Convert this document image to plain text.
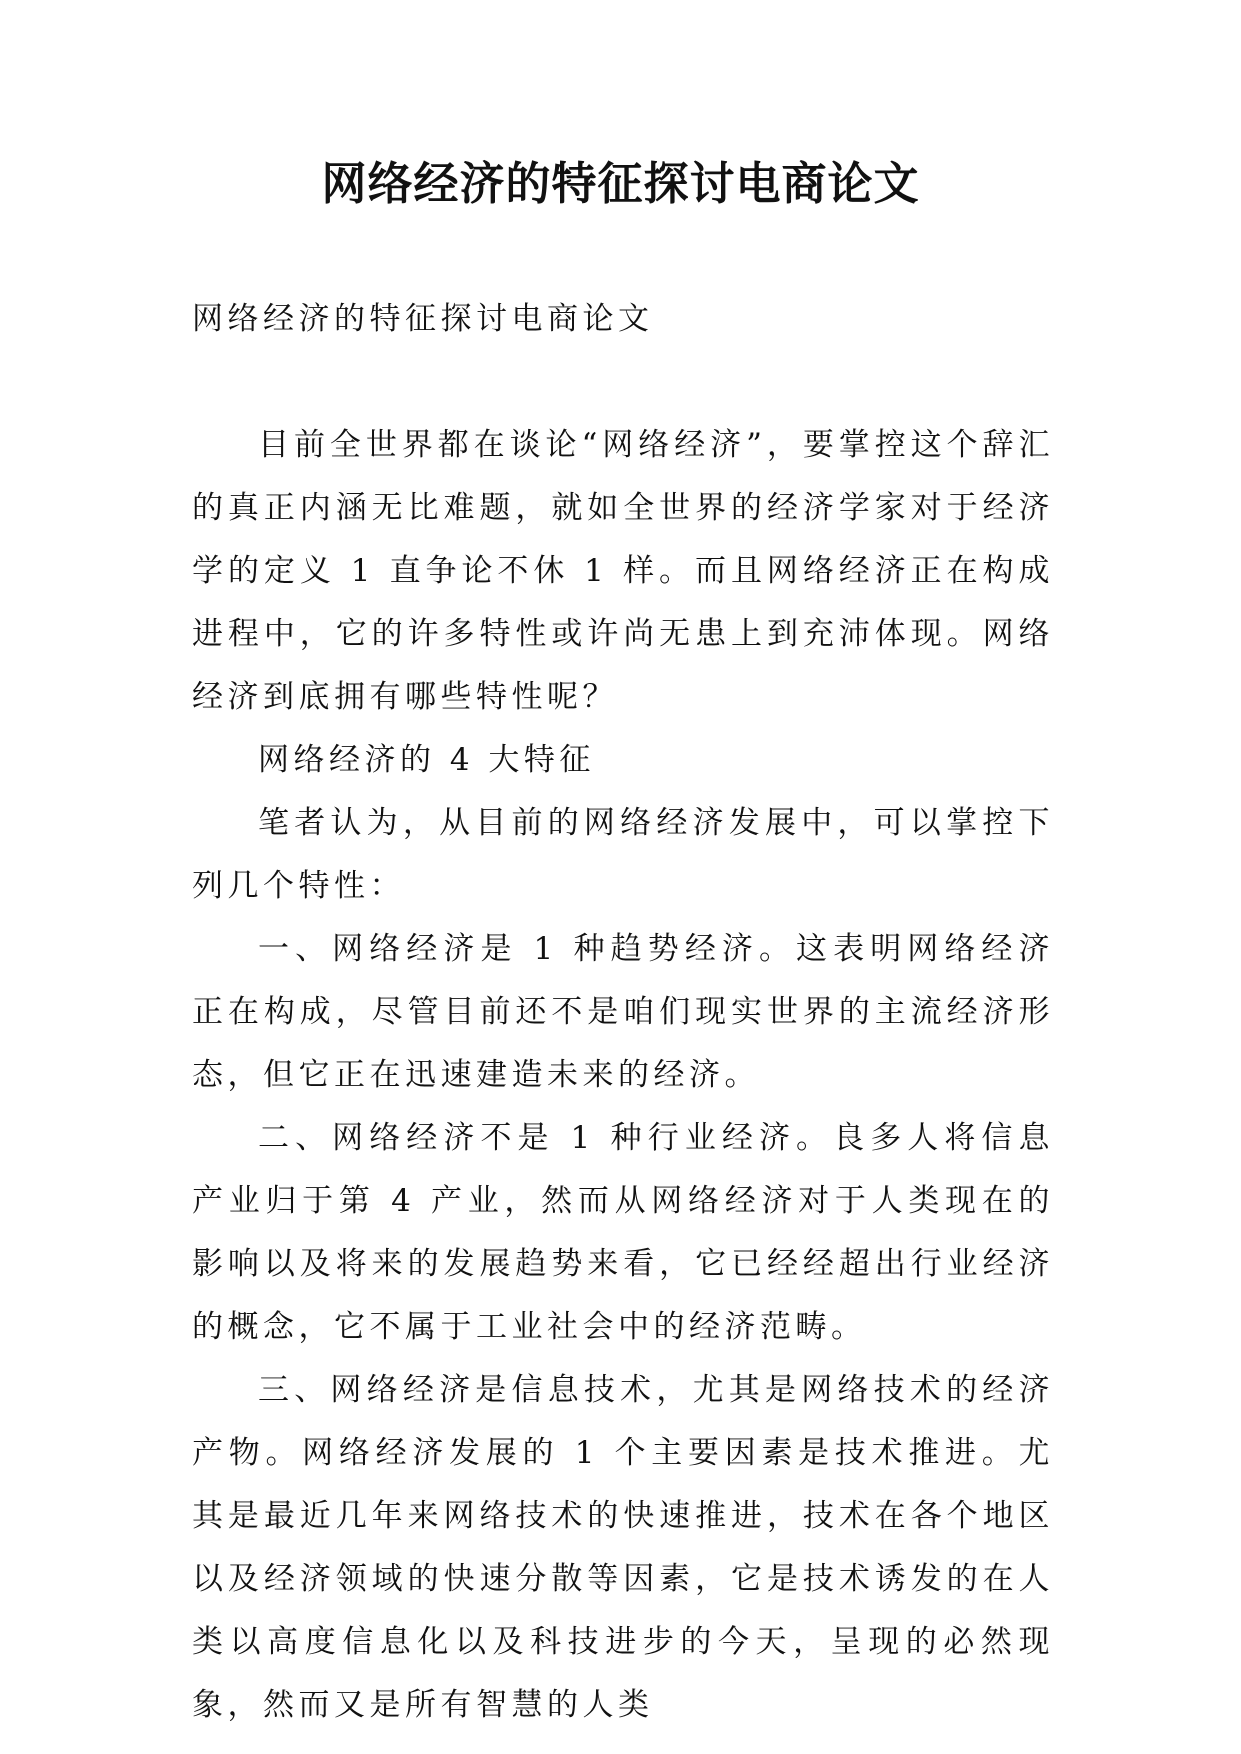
网络经济的特征探讨电商论文

网络经济的特征探讨电商论文

目前全世界都在谈论“网络经济”，要掌控这个辞汇的真正内涵无比难题，就如全世界的经济学家对于经济学的定义 1 直争论不休 1 样。而且网络经济正在构成进程中，它的许多特性或许尚无患上到充沛体现。网络经济到底拥有哪些特性呢？

网络经济的 4 大特征

笔者认为，从目前的网络经济发展中，可以掌控下列几个特性：

一、网络经济是 1 种趋势经济。这表明网络经济正在构成，尽管目前还不是咱们现实世界的主流经济形态，但它正在迅速建造未来的经济。

二、网络经济不是 1 种行业经济。良多人将信息产业归于第 4 产业，然而从网络经济对于人类现在的影响以及将来的发展趋势来看，它已经经超出行业经济的概念，它不属于工业社会中的经济范畴。

三、网络经济是信息技术，尤其是网络技术的经济产物。网络经济发展的 1 个主要因素是技术推进。尤其是最近几年来网络技术的快速推进，技术在各个地区以及经济领域的快速分散等因素，它是技术诱发的在人类以高度信息化以及科技进步的今天，呈现的必然现象，然而又是所有智慧的人类
